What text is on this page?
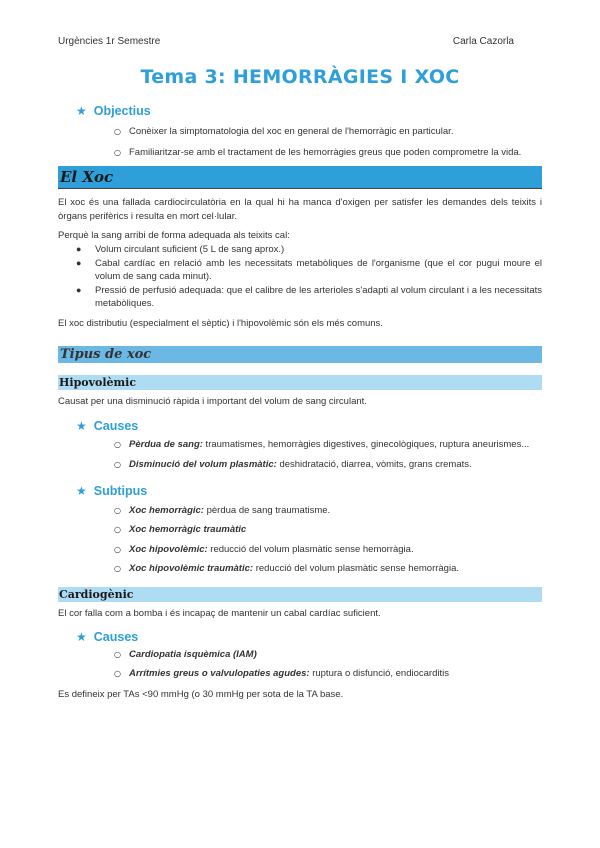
Urgències 1r Semestre	Carla Cazorla
Tema 3: HEMORRÀGIES I XOC
★ Objectius
○ Conèixer la simptomatologia del xoc en general de l'hemorràgic en particular.
○ Familiaritzar-se amb el tractament de les hemorràgies greus que poden comprometre la vida.
El Xoc

El xoc és una fallada cardiocirculatòria en la qual hi ha manca d'oxigen per satisfer les demandes dels teixits i òrgans perifèrics i resulta en mort cel·lular.

Perquè la sang arribi de forma adequada als teixits cal:

● Volum circulant suficient (5 L de sang aprox.)
● Cabal cardíac en relació amb les necessitats metabòliques de l'organisme (que el cor pugui moure el volum de sang cada minut).
● Pressió de perfusió adequada: que el calibre de les arterioles s'adapti al volum circulant i a les necessitats metabòliques.

El xoc distributiu (especialment el sèptic) i l'hipovolèmic són els més comuns.

Tipus de xoc
Hipovolèmic

Causat per una disminució ràpida i important del volum de sang circulant.

★ Causes
○ Pèrdua de sang: traumatismes, hemorràgies digestives, ginecològiques, ruptura aneurismes...
○ Disminució del volum plasmàtic: deshidratació, diarrea, vòmits, grans cremats.
★ Subtipus
○ Xoc hemorràgic: pèrdua de sang traumatisme.
○ Xoc hemorràgic traumàtic
○ Xoc hipovolèmic: reducció del volum plasmàtic sense hemorràgia.
○ Xoc hipovolèmic traumàtic: reducció del volum plasmàtic sense hemorràgia.
Cardiogènic

El cor falla com a bomba i és incapaç de mantenir un cabal cardíac suficient.

★ Causes
○ Cardiopatia isquèmica (IAM)
○ Arrítmies greus o valvulopaties agudes: ruptura o disfunció, endiocarditis

Es defineix per TAs <90 mmHg (o 30 mmHg per sota de la TA base.
